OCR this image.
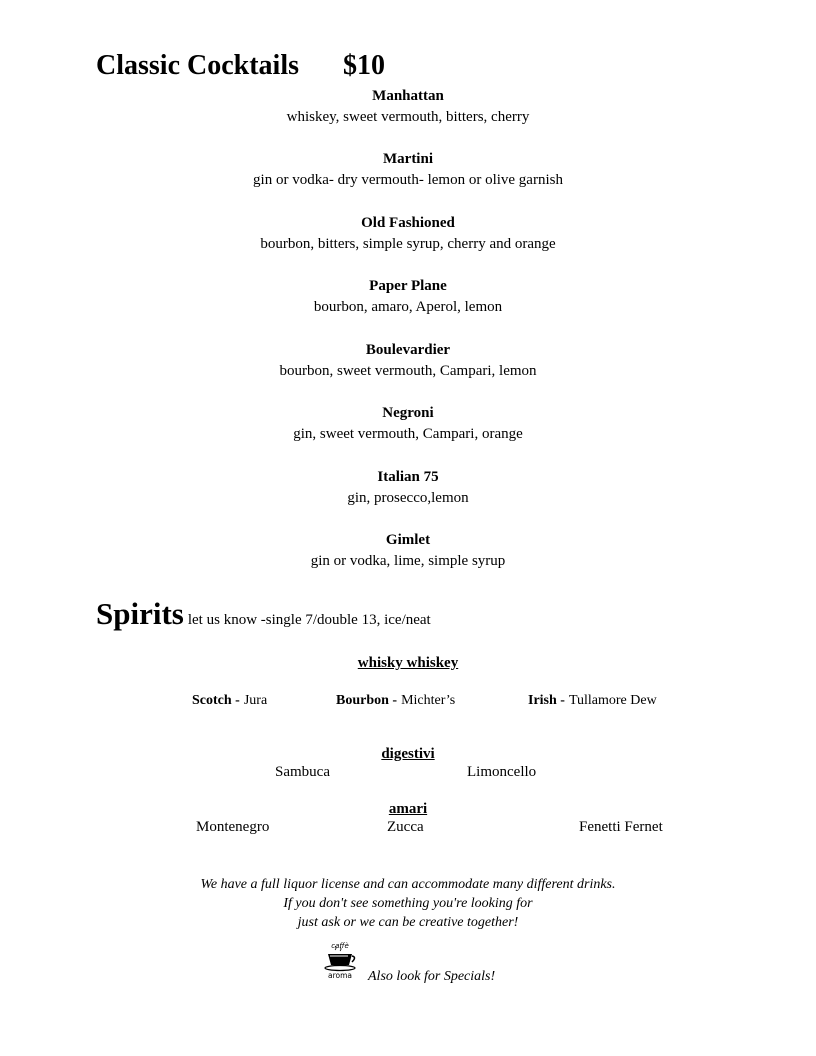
Classic Cocktails $10
Manhattan
whiskey, sweet vermouth, bitters, cherry
Martini
gin or vodka- dry vermouth- lemon or olive garnish
Old Fashioned
bourbon, bitters, simple syrup, cherry and orange
Paper Plane
bourbon, amaro, Aperol, lemon
Boulevardier
bourbon, sweet vermouth, Campari, lemon
Negroni
gin, sweet vermouth, Campari, orange
Italian 75
gin, prosecco,lemon
Gimlet
gin or vodka, lime, simple syrup
Spirits let us know -single 7/double 13, ice/neat
whisky whiskey
Scotch - Jura	Bourbon - Michter’s	Irish - Tullamore Dew
digestivi
Sambuca	Limoncello
amari
Montenegro	Zucca	Fenetti Fernet
We have a full liquor license and can accommodate many different drinks.
If you don't see something you're looking for
just ask or we can be creative together!
caffè
aroma Also look for Specials!
